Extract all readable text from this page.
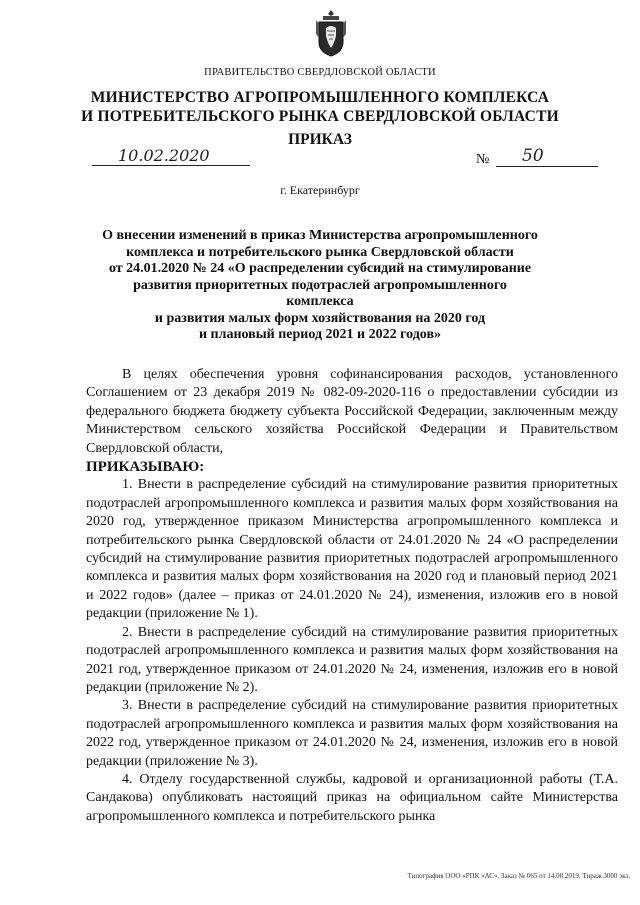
ПРАВИТЕЛЬСТВО СВЕРДЛОВСКОЙ ОБЛАСТИ
МИНИСТЕРСТВО АГРОПРОМЫШЛЕННОГО КОМПЛЕКСА
И ПОТРЕБИТЕЛЬСКОГО РЫНКА СВЕРДЛОВСКОЙ ОБЛАСТИ
ПРИКАЗ
10.02.2020	№ 50
г. Екатеринбург
О внесении изменений в приказ Министерства агропромышленного
комплекса и потребительского рынка Свердловской области
от 24.01.2020 № 24 «О распределении субсидий на стимулирование
развития приоритетных подотраслей агропромышленного комплекса
и развития малых форм хозяйствования на 2020 год
и плановый период 2021 и 2022 годов»

В целях обеспечения уровня софинансирования расходов, установленного Соглашением от 23 декабря 2019 № 082-09-2020-116 о предоставлении субсидии из федерального бюджета бюджету субъекта Российской Федерации, заключенным между Министерством сельского хозяйства Российской Федерации и Правительством Свердловской области,

ПРИКАЗЫВАЮ:

1. Внести в распределение субсидий на стимулирование развития приоритетных подотраслей агропромышленного комплекса и развития малых форм хозяйствования на 2020 год, утвержденное приказом Министерства агропромышленного комплекса и потребительского рынка Свердловской области от 24.01.2020 № 24 «О распределении субсидий на стимулирование развития приоритетных подотраслей агропромышленного комплекса и развития малых форм хозяйствования на 2020 год и плановый период 2021 и 2022 годов» (далее – приказ от 24.01.2020 № 24), изменения, изложив его в новой редакции (приложение № 1).

2. Внести в распределение субсидий на стимулирование развития приоритетных подотраслей агропромышленного комплекса и развития малых форм хозяйствования на 2021 год, утвержденное приказом от 24.01.2020 № 24, изменения, изложив его в новой редакции (приложение № 2).

3. Внести в распределение субсидий на стимулирование развития приоритетных подотраслей агропромышленного комплекса и развития малых форм хозяйствования на 2022 год, утвержденное приказом от 24.01.2020 № 24, изменения, изложив его в новой редакции (приложение № 3).

4. Отделу государственной службы, кадровой и организационной работы (Т.А. Сандакова) опубликовать настоящий приказ на официальном сайте Министерства агропромышленного комплекса и потребительского рынка

Типография ООО «РПК «АС». Заказ № 065 от 14.08.2019. Тираж 3000 экз.
